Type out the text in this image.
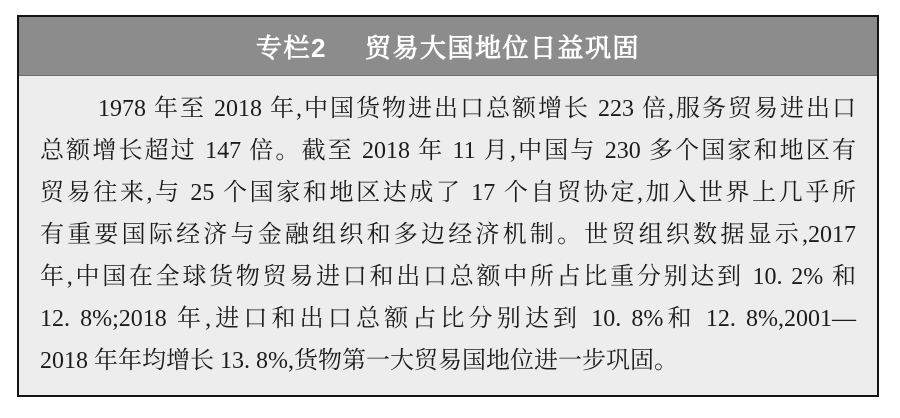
专栏2 贸易大国地位日益巩固
1978 年至 2018 年,中国货物进出口总额增长 223 倍,服务贸易进出口
总额增长超过 147 倍。截至 2018 年 11 月,中国与 230 多个国家和地区有
贸易往来,与 25 个国家和地区达成了 17 个自贸协定,加入世界上几乎所
有重要国际经济与金融组织和多边经济机制。世贸组织数据显示,2017
年,中国在全球货物贸易进口和出口总额中所占比重分别达到 10. 2% 和
12. 8%;2018 年,进口和出口总额占比分别达到 10. 8%和 12. 8%,2001—
2018 年年均增长 13. 8%,货物第一大贸易国地位进一步巩固。
